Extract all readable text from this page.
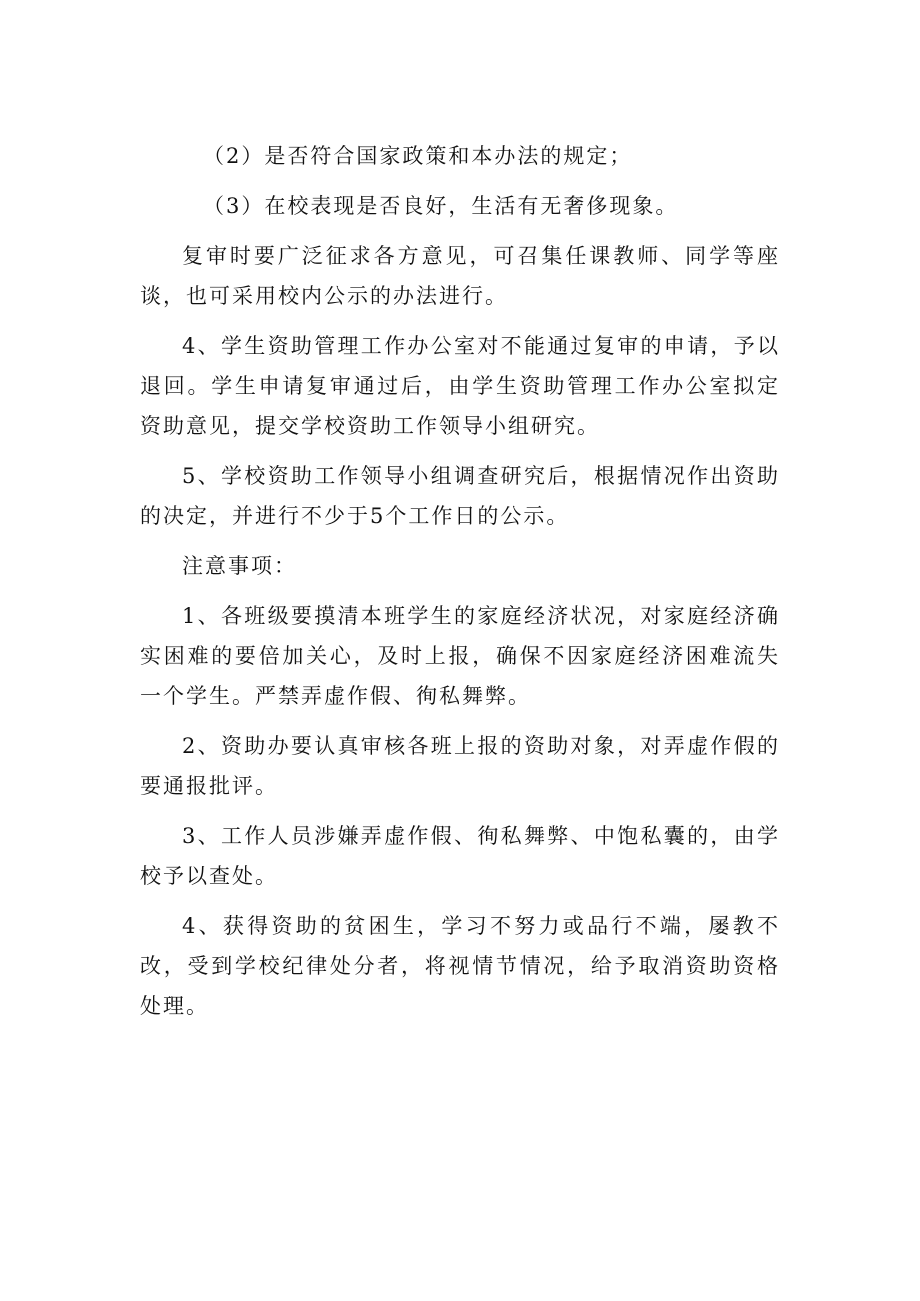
（2）是否符合国家政策和本办法的规定；

（3）在校表现是否良好，生活有无奢侈现象。

复审时要广泛征求各方意见，可召集任课教师、同学等座谈，也可采用校内公示的办法进行。

4、学生资助管理工作办公室对不能通过复审的申请，予以退回。学生申请复审通过后，由学生资助管理工作办公室拟定资助意见，提交学校资助工作领导小组研究。

5、学校资助工作领导小组调查研究后，根据情况作出资助的决定，并进行不少于5个工作日的公示。

注意事项：

1、各班级要摸清本班学生的家庭经济状况，对家庭经济确实困难的要倍加关心，及时上报，确保不因家庭经济困难流失一个学生。严禁弄虚作假、徇私舞弊。

2、资助办要认真审核各班上报的资助对象，对弄虚作假的要通报批评。

3、工作人员涉嫌弄虚作假、徇私舞弊、中饱私囊的，由学校予以查处。

4、获得资助的贫困生，学习不努力或品行不端，屡教不改，受到学校纪律处分者，将视情节情况，给予取消资助资格处理。
